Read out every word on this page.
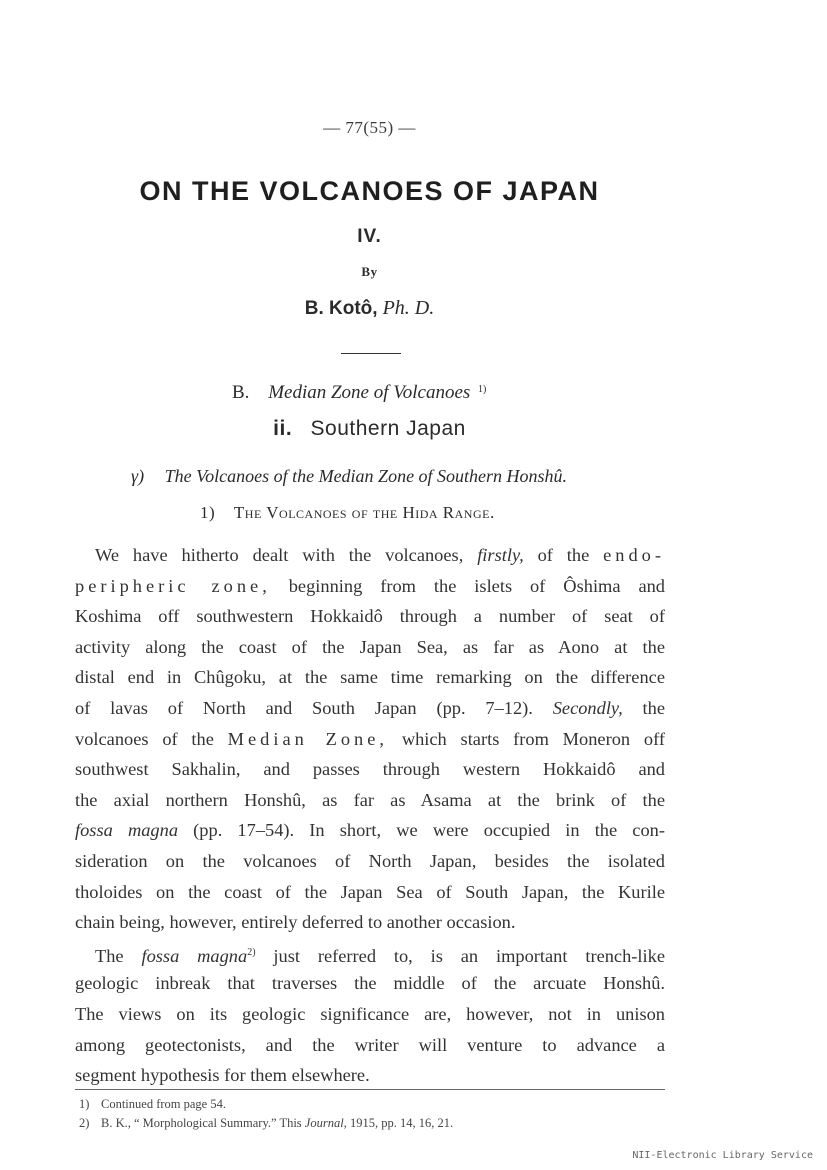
— 77(55) —
ON THE VOLCANOES OF JAPAN
IV.
By
B. Kotô, Ph. D.
B. Median Zone of Volcanoes $^{1)}$
ii. Southern Japan
γ) The Volcanoes of the Median Zone of Southern Honshû.
1) The Volcanoes of the Hida Range.
We have hitherto dealt with the volcanoes, firstly, of the endo-
peripheric zone, beginning from the islets of Ôshima and
Koshima off southwestern Hokkaidô through a number of seat of
activity along the coast of the Japan Sea, as far as Aono at the
distal end in Chûgoku, at the same time remarking on the difference
of lavas of North and South Japan (pp. 7–12). Secondly, the
volcanoes of the Median Zone, which starts from Moneron off
southwest Sakhalin, and passes through western Hokkaidô and
the axial northern Honshû, as far as Asama at the brink of the
fossa magna (pp. 17–54). In short, we were occupied in the con-
sideration on the volcanoes of North Japan, besides the isolated
tholoides on the coast of the Japan Sea of South Japan, the Kurile
chain being, however, entirely deferred to another occasion.
The fossa magna$^{2)}$ just referred to, is an important trench-like
geologic inbreak that traverses the middle of the arcuate Honshû.
The views on its geologic significance are, however, not in unison
among geotectonists, and the writer will venture to advance a
segment hypothesis for them elsewhere.
1) Continued from page 54.
2) B. K., “ Morphological Summary.” This Journal, 1915, pp. 14, 16, 21.
NII-Electronic Library Service
